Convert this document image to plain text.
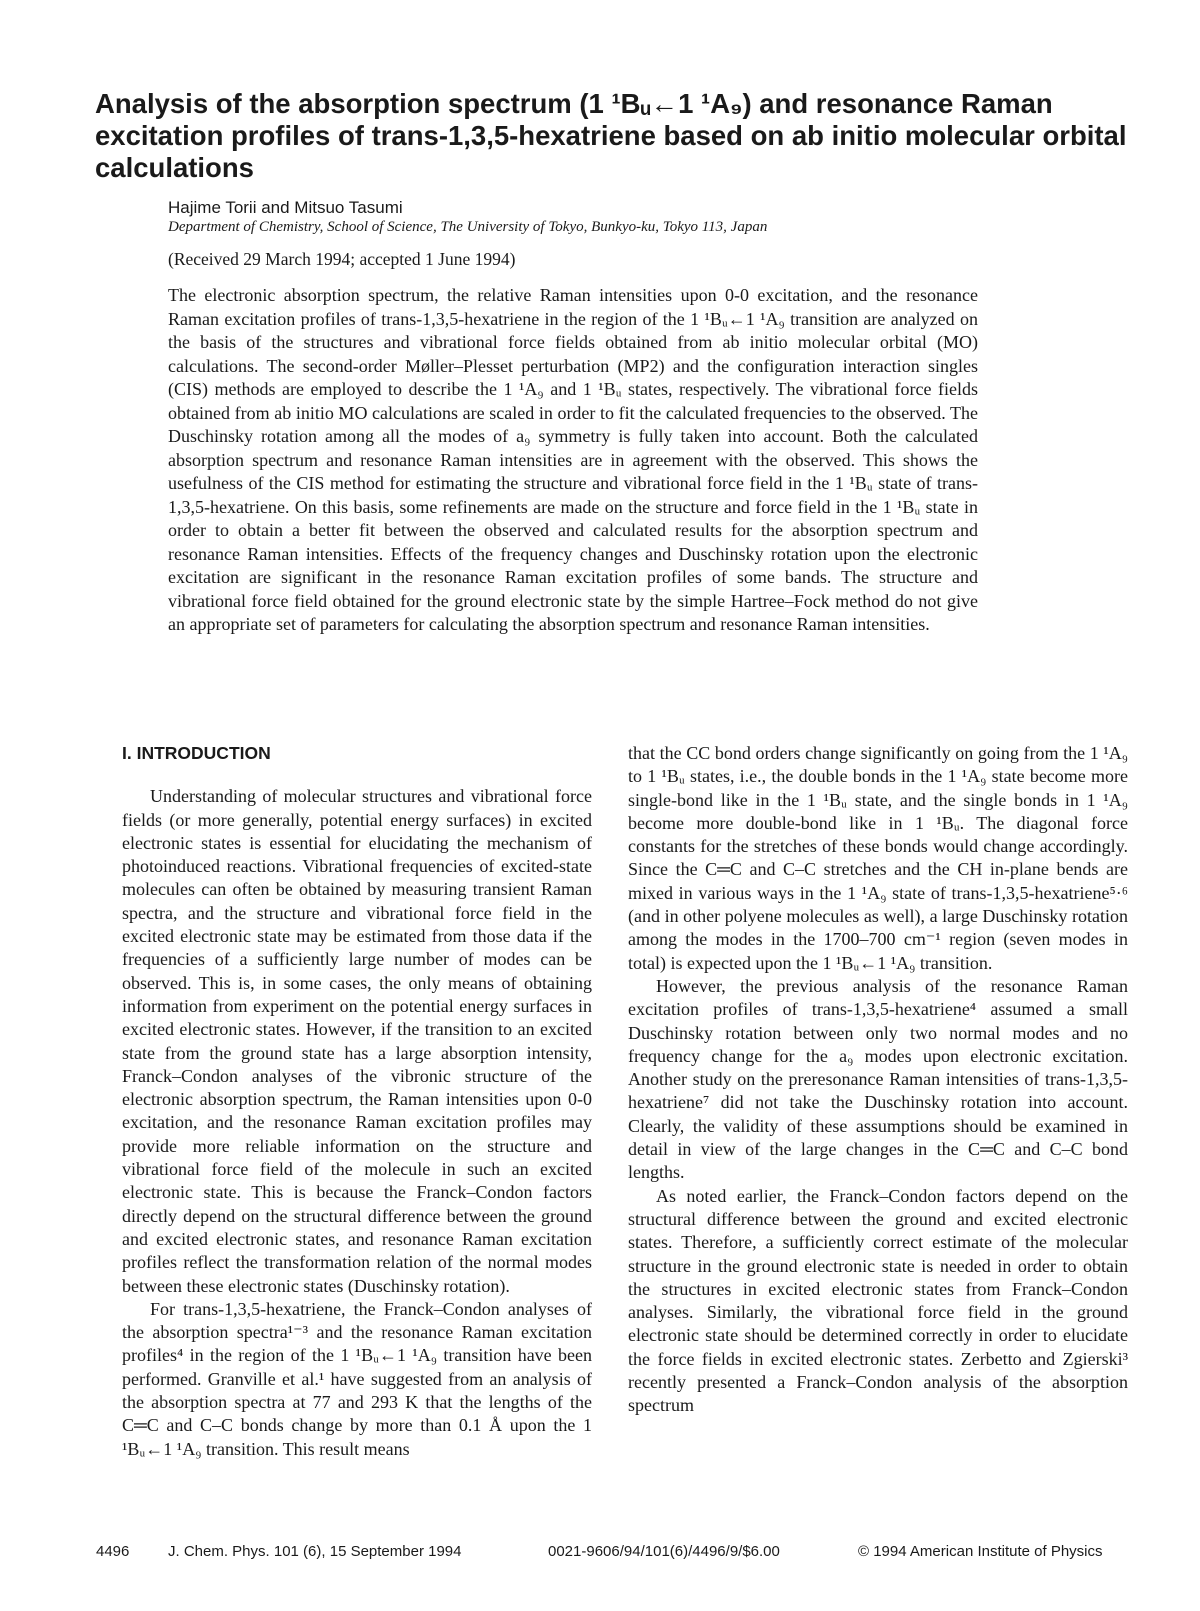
Analysis of the absorption spectrum (1 ¹Bᵤ←1 ¹A₉) and resonance Raman excitation profiles of trans-1,3,5-hexatriene based on ab initio molecular orbital calculations

Hajime Torii and Mitsuo Tasumi

Department of Chemistry, School of Science, The University of Tokyo, Bunkyo-ku, Tokyo 113, Japan

(Received 29 March 1994; accepted 1 June 1994)

The electronic absorption spectrum, the relative Raman intensities upon 0-0 excitation, and the resonance Raman excitation profiles of trans-1,3,5-hexatriene in the region of the 1 ¹Bᵤ←1 ¹A₉ transition are analyzed on the basis of the structures and vibrational force fields obtained from ab initio molecular orbital (MO) calculations. The second-order Møller–Plesset perturbation (MP2) and the configuration interaction singles (CIS) methods are employed to describe the 1 ¹A₉ and 1 ¹Bᵤ states, respectively. The vibrational force fields obtained from ab initio MO calculations are scaled in order to fit the calculated frequencies to the observed. The Duschinsky rotation among all the modes of a₉ symmetry is fully taken into account. Both the calculated absorption spectrum and resonance Raman intensities are in agreement with the observed. This shows the usefulness of the CIS method for estimating the structure and vibrational force field in the 1 ¹Bᵤ state of trans-1,3,5-hexatriene. On this basis, some refinements are made on the structure and force field in the 1 ¹Bᵤ state in order to obtain a better fit between the observed and calculated results for the absorption spectrum and resonance Raman intensities. Effects of the frequency changes and Duschinsky rotation upon the electronic excitation are significant in the resonance Raman excitation profiles of some bands. The structure and vibrational force field obtained for the ground electronic state by the simple Hartree–Fock method do not give an appropriate set of parameters for calculating the absorption spectrum and resonance Raman intensities.

I. INTRODUCTION

Understanding of molecular structures and vibrational force fields (or more generally, potential energy surfaces) in excited electronic states is essential for elucidating the mechanism of photoinduced reactions. Vibrational frequencies of excited-state molecules can often be obtained by measuring transient Raman spectra, and the structure and vibrational force field in the excited electronic state may be estimated from those data if the frequencies of a sufficiently large number of modes can be observed. This is, in some cases, the only means of obtaining information from experiment on the potential energy surfaces in excited electronic states. However, if the transition to an excited state from the ground state has a large absorption intensity, Franck–Condon analyses of the vibronic structure of the electronic absorption spectrum, the Raman intensities upon 0-0 excitation, and the resonance Raman excitation profiles may provide more reliable information on the structure and vibrational force field of the molecule in such an excited electronic state. This is because the Franck–Condon factors directly depend on the structural difference between the ground and excited electronic states, and resonance Raman excitation profiles reflect the transformation relation of the normal modes between these electronic states (Duschinsky rotation).

For trans-1,3,5-hexatriene, the Franck–Condon analyses of the absorption spectra¹⁻³ and the resonance Raman excitation profiles⁴ in the region of the 1 ¹Bᵤ←1 ¹A₉ transition have been performed. Granville et al.¹ have suggested from an analysis of the absorption spectra at 77 and 293 K that the lengths of the C═C and C–C bonds change by more than 0.1 Å upon the 1 ¹Bᵤ←1 ¹A₉ transition. This result means

that the CC bond orders change significantly on going from the 1 ¹A₉ to 1 ¹Bᵤ states, i.e., the double bonds in the 1 ¹A₉ state become more single-bond like in the 1 ¹Bᵤ state, and the single bonds in 1 ¹A₉ become more double-bond like in 1 ¹Bᵤ. The diagonal force constants for the stretches of these bonds would change accordingly. Since the C═C and C–C stretches and the CH in-plane bends are mixed in various ways in the 1 ¹A₉ state of trans-1,3,5-hexatriene⁵·⁶ (and in other polyene molecules as well), a large Duschinsky rotation among the modes in the 1700–700 cm⁻¹ region (seven modes in total) is expected upon the 1 ¹Bᵤ←1 ¹A₉ transition.

However, the previous analysis of the resonance Raman excitation profiles of trans-1,3,5-hexatriene⁴ assumed a small Duschinsky rotation between only two normal modes and no frequency change for the a₉ modes upon electronic excitation. Another study on the preresonance Raman intensities of trans-1,3,5-hexatriene⁷ did not take the Duschinsky rotation into account. Clearly, the validity of these assumptions should be examined in detail in view of the large changes in the C═C and C–C bond lengths.

As noted earlier, the Franck–Condon factors depend on the structural difference between the ground and excited electronic states. Therefore, a sufficiently correct estimate of the molecular structure in the ground electronic state is needed in order to obtain the structures in excited electronic states from Franck–Condon analyses. Similarly, the vibrational force field in the ground electronic state should be determined correctly in order to elucidate the force fields in excited electronic states. Zerbetto and Zgierski³ recently presented a Franck–Condon analysis of the absorption spectrum

4496	J. Chem. Phys. 101 (6), 15 September 1994	0021-9606/94/101(6)/4496/9/$6.00	© 1994 American Institute of Physics
